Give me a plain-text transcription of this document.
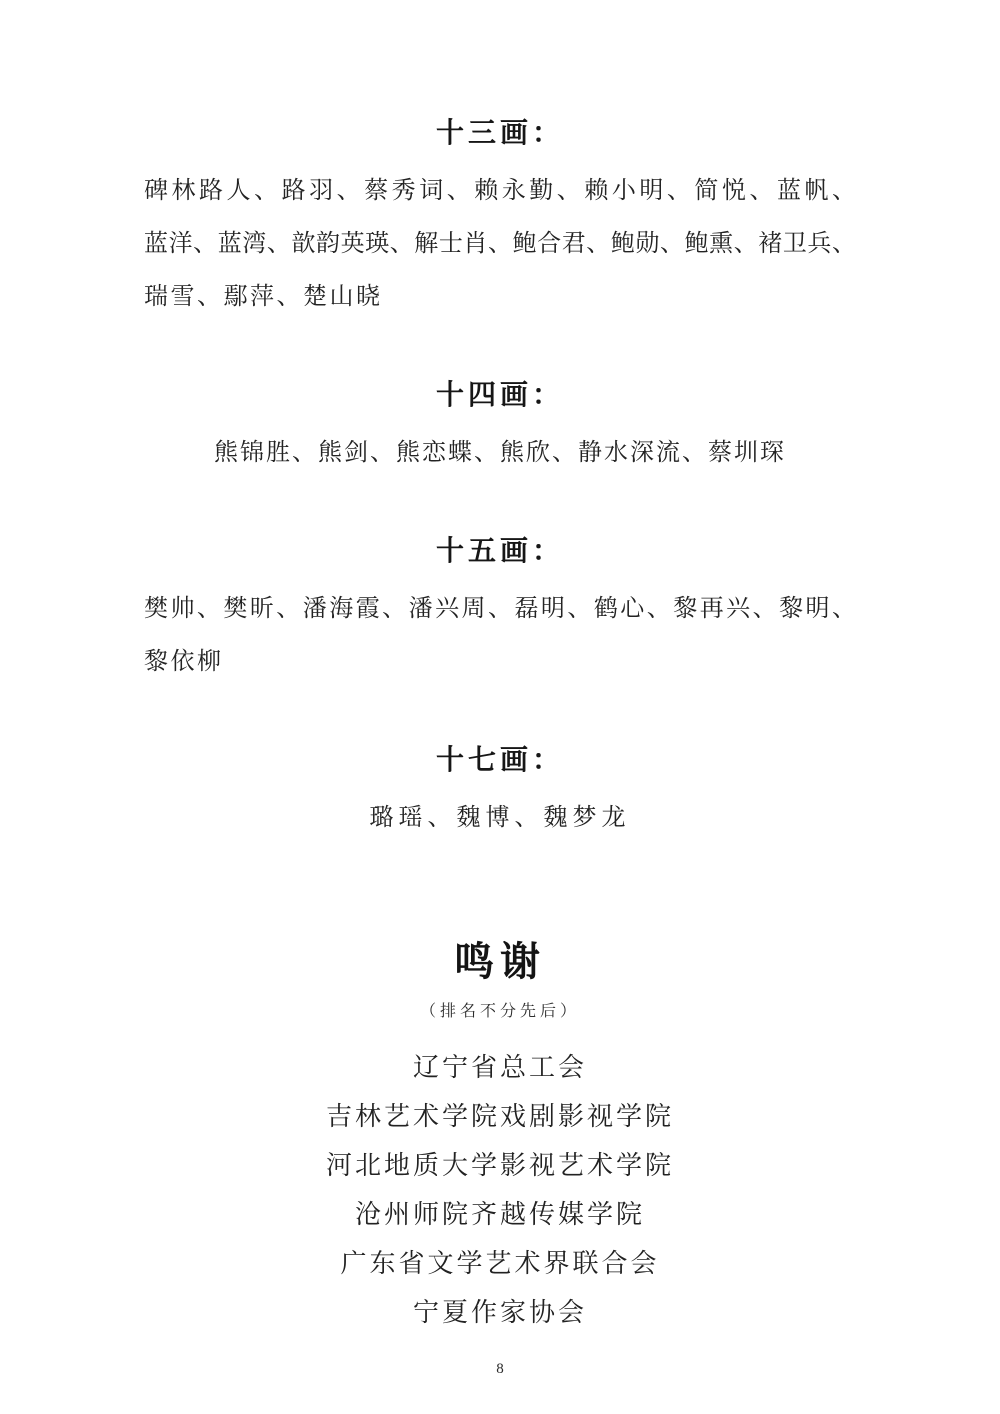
十三画：
碑林路人、路羽、蔡秀词、赖永勤、赖小明、简悦、蓝帆、
蓝洋、蓝湾、歆韵英瑛、解士肖、鲍合君、鲍勋、鲍熏、褚卫兵、
瑞雪、鄢萍、楚山晓
十四画：
熊锦胜、熊剑、熊恋蝶、熊欣、静水深流、蔡圳琛
十五画：
樊帅、樊昕、潘海霞、潘兴周、磊明、鹤心、黎再兴、黎明、
黎依柳
十七画：
璐瑶、魏博、魏梦龙
鸣谢
（排名不分先后）
辽宁省总工会
吉林艺术学院戏剧影视学院
河北地质大学影视艺术学院
沧州师院齐越传媒学院
广东省文学艺术界联合会
宁夏作家协会
8
